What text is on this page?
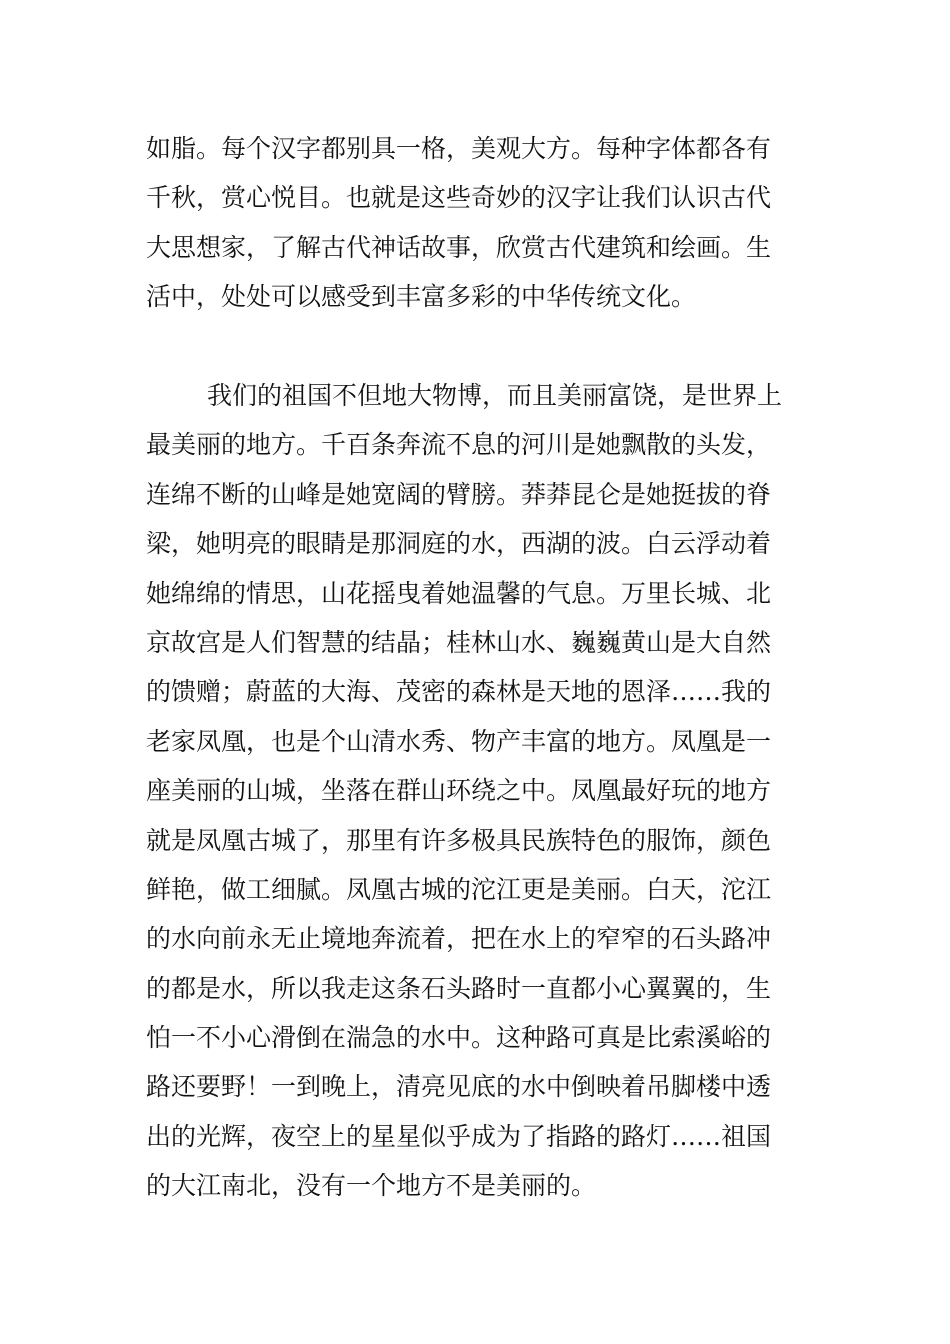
如脂。每个汉字都别具一格，美观大方。每种字体都各有
千秋，赏心悦目。也就是这些奇妙的汉字让我们认识古代
大思想家，了解古代神话故事，欣赏古代建筑和绘画。生
活中，处处可以感受到丰富多彩的中华传统文化。
我们的祖国不但地大物博，而且美丽富饶，是世界上
最美丽的地方。千百条奔流不息的河川是她飘散的头发，
连绵不断的山峰是她宽阔的臂膀。莽莽昆仑是她挺拔的脊
梁，她明亮的眼睛是那洞庭的水，西湖的波。白云浮动着
她绵绵的情思，山花摇曳着她温馨的气息。万里长城、北
京故宫是人们智慧的结晶；桂林山水、巍巍黄山是大自然
的馈赠；蔚蓝的大海、茂密的森林是天地的恩泽……我的
老家凤凰，也是个山清水秀、物产丰富的地方。凤凰是一
座美丽的山城，坐落在群山环绕之中。凤凰最好玩的地方
就是凤凰古城了，那里有许多极具民族特色的服饰，颜色
鲜艳，做工细腻。凤凰古城的沱江更是美丽。白天，沱江
的水向前永无止境地奔流着，把在水上的窄窄的石头路冲
的都是水，所以我走这条石头路时一直都小心翼翼的，生
怕一不小心滑倒在湍急的水中。这种路可真是比索溪峪的
路还要野！一到晚上，清亮见底的水中倒映着吊脚楼中透
出的光辉，夜空上的星星似乎成为了指路的路灯……祖国
的大江南北，没有一个地方不是美丽的。
